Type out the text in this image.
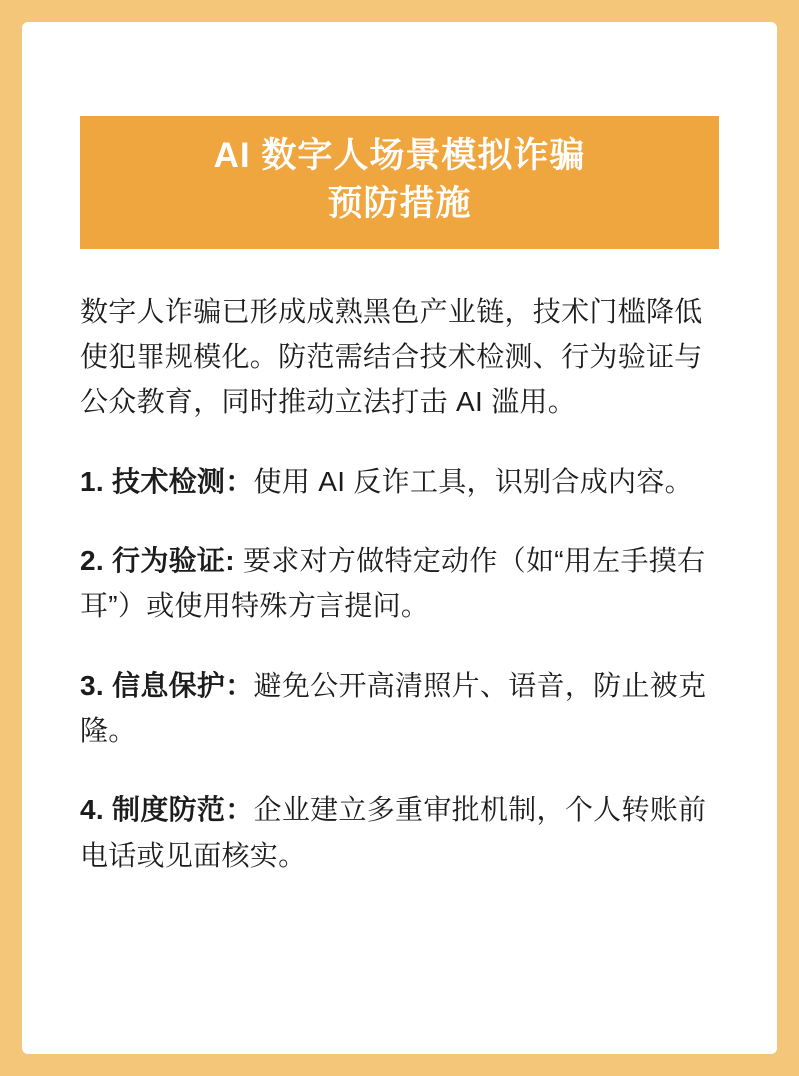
AI 数字人场景模拟诈骗
预防措施

数字人诈骗已形成成熟黑色产业链，技术门槛降低使犯罪规模化。防范需结合技术检测、行为验证与公众教育，同时推动立法打击 AI 滥用。

1. 技术检测：使用 AI 反诈工具，识别合成内容。

2. 行为验证: 要求对方做特定动作（如“用左手摸右耳”）或使用特殊方言提问。

3. 信息保护：避免公开高清照片、语音，防止被克隆。

4. 制度防范：企业建立多重审批机制，个人转账前电话或见面核实。
